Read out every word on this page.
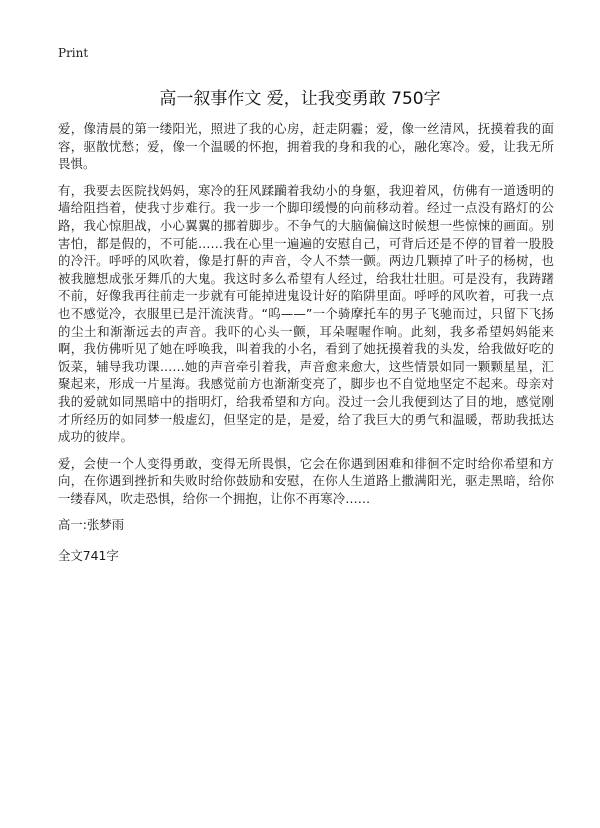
Print
高一叙事作文 爱，让我变勇敢 750字

爱，像清晨的第一缕阳光，照进了我的心房，赶走阴霾；爱，像一丝清风，抚摸着我的面容，驱散忧愁；爱，像一个温暖的怀抱，拥着我的身和我的心，融化寒冷。爱，让我无所畏惧。

有，我要去医院找妈妈，寒冷的狂风蹂躏着我幼小的身躯，我迎着风，仿佛有一道透明的墙给阻挡着，使我寸步难行。我一步一个脚印缓慢的向前移动着。经过一点没有路灯的公路，我心惊胆战，小心翼翼的挪着脚步。不争气的大脑偏偏这时候想一些惊悚的画面。别害怕，都是假的，不可能……我在心里一遍遍的安慰自己，可背后还是不停的冒着一股股的冷汗。呼呼的风吹着，像是打鼾的声音，令人不禁一颤。两边几颗掉了叶子的杨树，也被我臆想成张牙舞爪的大鬼。我这时多么希望有人经过，给我壮壮胆。可是没有，我踌躇不前，好像我再往前走一步就有可能掉进鬼设计好的陷阱里面。呼呼的风吹着，可我一点也不感觉冷，衣服里已是汗流浃背。“呜——”一个骑摩托车的男子飞驰而过，只留下飞扬的尘土和渐渐远去的声音。我吓的心头一颤，耳朵喔喔作响。此刻，我多希望妈妈能来啊，我仿佛听见了她在呼唤我，叫着我的小名，看到了她抚摸着我的头发，给我做好吃的饭菜，辅导我功课……她的声音牵引着我，声音愈来愈大，这些情景如同一颗颗星星，汇聚起来，形成一片星海。我感觉前方也渐渐变亮了，脚步也不自觉地坚定不起来。母亲对我的爱就如同黑暗中的指明灯，给我希望和方向。没过一会儿我便到达了目的地，感觉刚才所经历的如同梦一般虚幻，但坚定的是，是爱，给了我巨大的勇气和温暖，帮助我抵达成功的彼岸。

爱，会使一个人变得勇敢，变得无所畏惧，它会在你遇到困难和徘徊不定时给你希望和方向，在你遇到挫折和失败时给你鼓励和安慰，在你人生道路上撒满阳光，驱走黑暗，给你一缕春风，吹走恐惧，给你一个拥抱，让你不再寒冷……

高一:张梦雨

全文741字
